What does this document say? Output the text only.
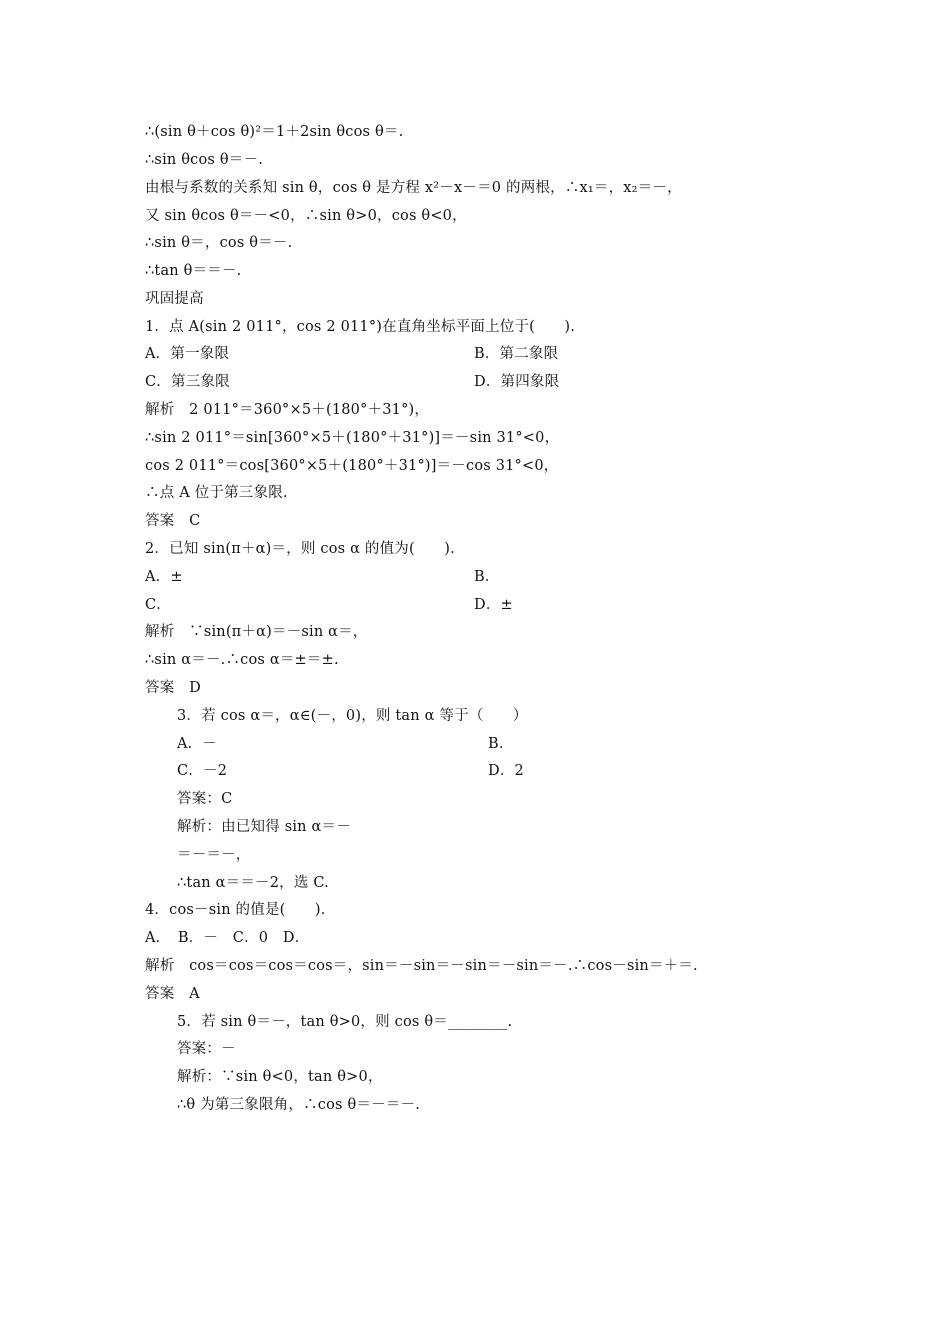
∴(sin θ＋cos θ)²＝1＋2sin θcos θ＝.
∴sin θcos θ＝－.
由根与系数的关系知 sin θ，cos θ 是方程 x²－x－＝0 的两根，∴x₁＝，x₂＝－，
又 sin θcos θ＝－<0，∴sin θ>0，cos θ<0，
∴sin θ＝，cos θ＝－.
∴tan θ＝＝－.
巩固提高
1．点 A(sin 2 011°，cos 2 011°)在直角坐标平面上位于(　　).
A．第一象限	B．第二象限
C．第三象限	D．第四象限
解析　2 011°＝360°×5＋(180°＋31°)，
∴sin 2 011°＝sin[360°×5＋(180°＋31°)]＝－sin 31°<0，
cos 2 011°＝cos[360°×5＋(180°＋31°)]＝－cos 31°<0，
∴点 A 位于第三象限.
答案　C
2．已知 sin(π＋α)＝，则 cos α 的值为(　　).
A．±	B．
C．	D．±
解析　∵sin(π＋α)＝－sin α＝，
∴sin α＝－.∴cos α＝±＝±.
答案　D
3．若 cos α＝，α∈(－，0)，则 tan α 等于（　　）
A．－	B．
C．－2	D．2
答案：C
解析：由已知得 sin α＝－
＝－＝－，
∴tan α＝＝－2，选 C.
4．cos－sin 的值是(　　).
A．　B．－　C．0　D．
解析　cos＝cos＝cos＝cos＝，sin＝－sin＝－sin＝－sin＝－.∴cos－sin＝＋＝.
答案　A
5．若 sin θ＝－，tan θ>0，则 cos θ＝________.
答案：－
解析：∵sin θ<0，tan θ>0，
∴θ 为第三象限角，∴cos θ＝－＝－.
